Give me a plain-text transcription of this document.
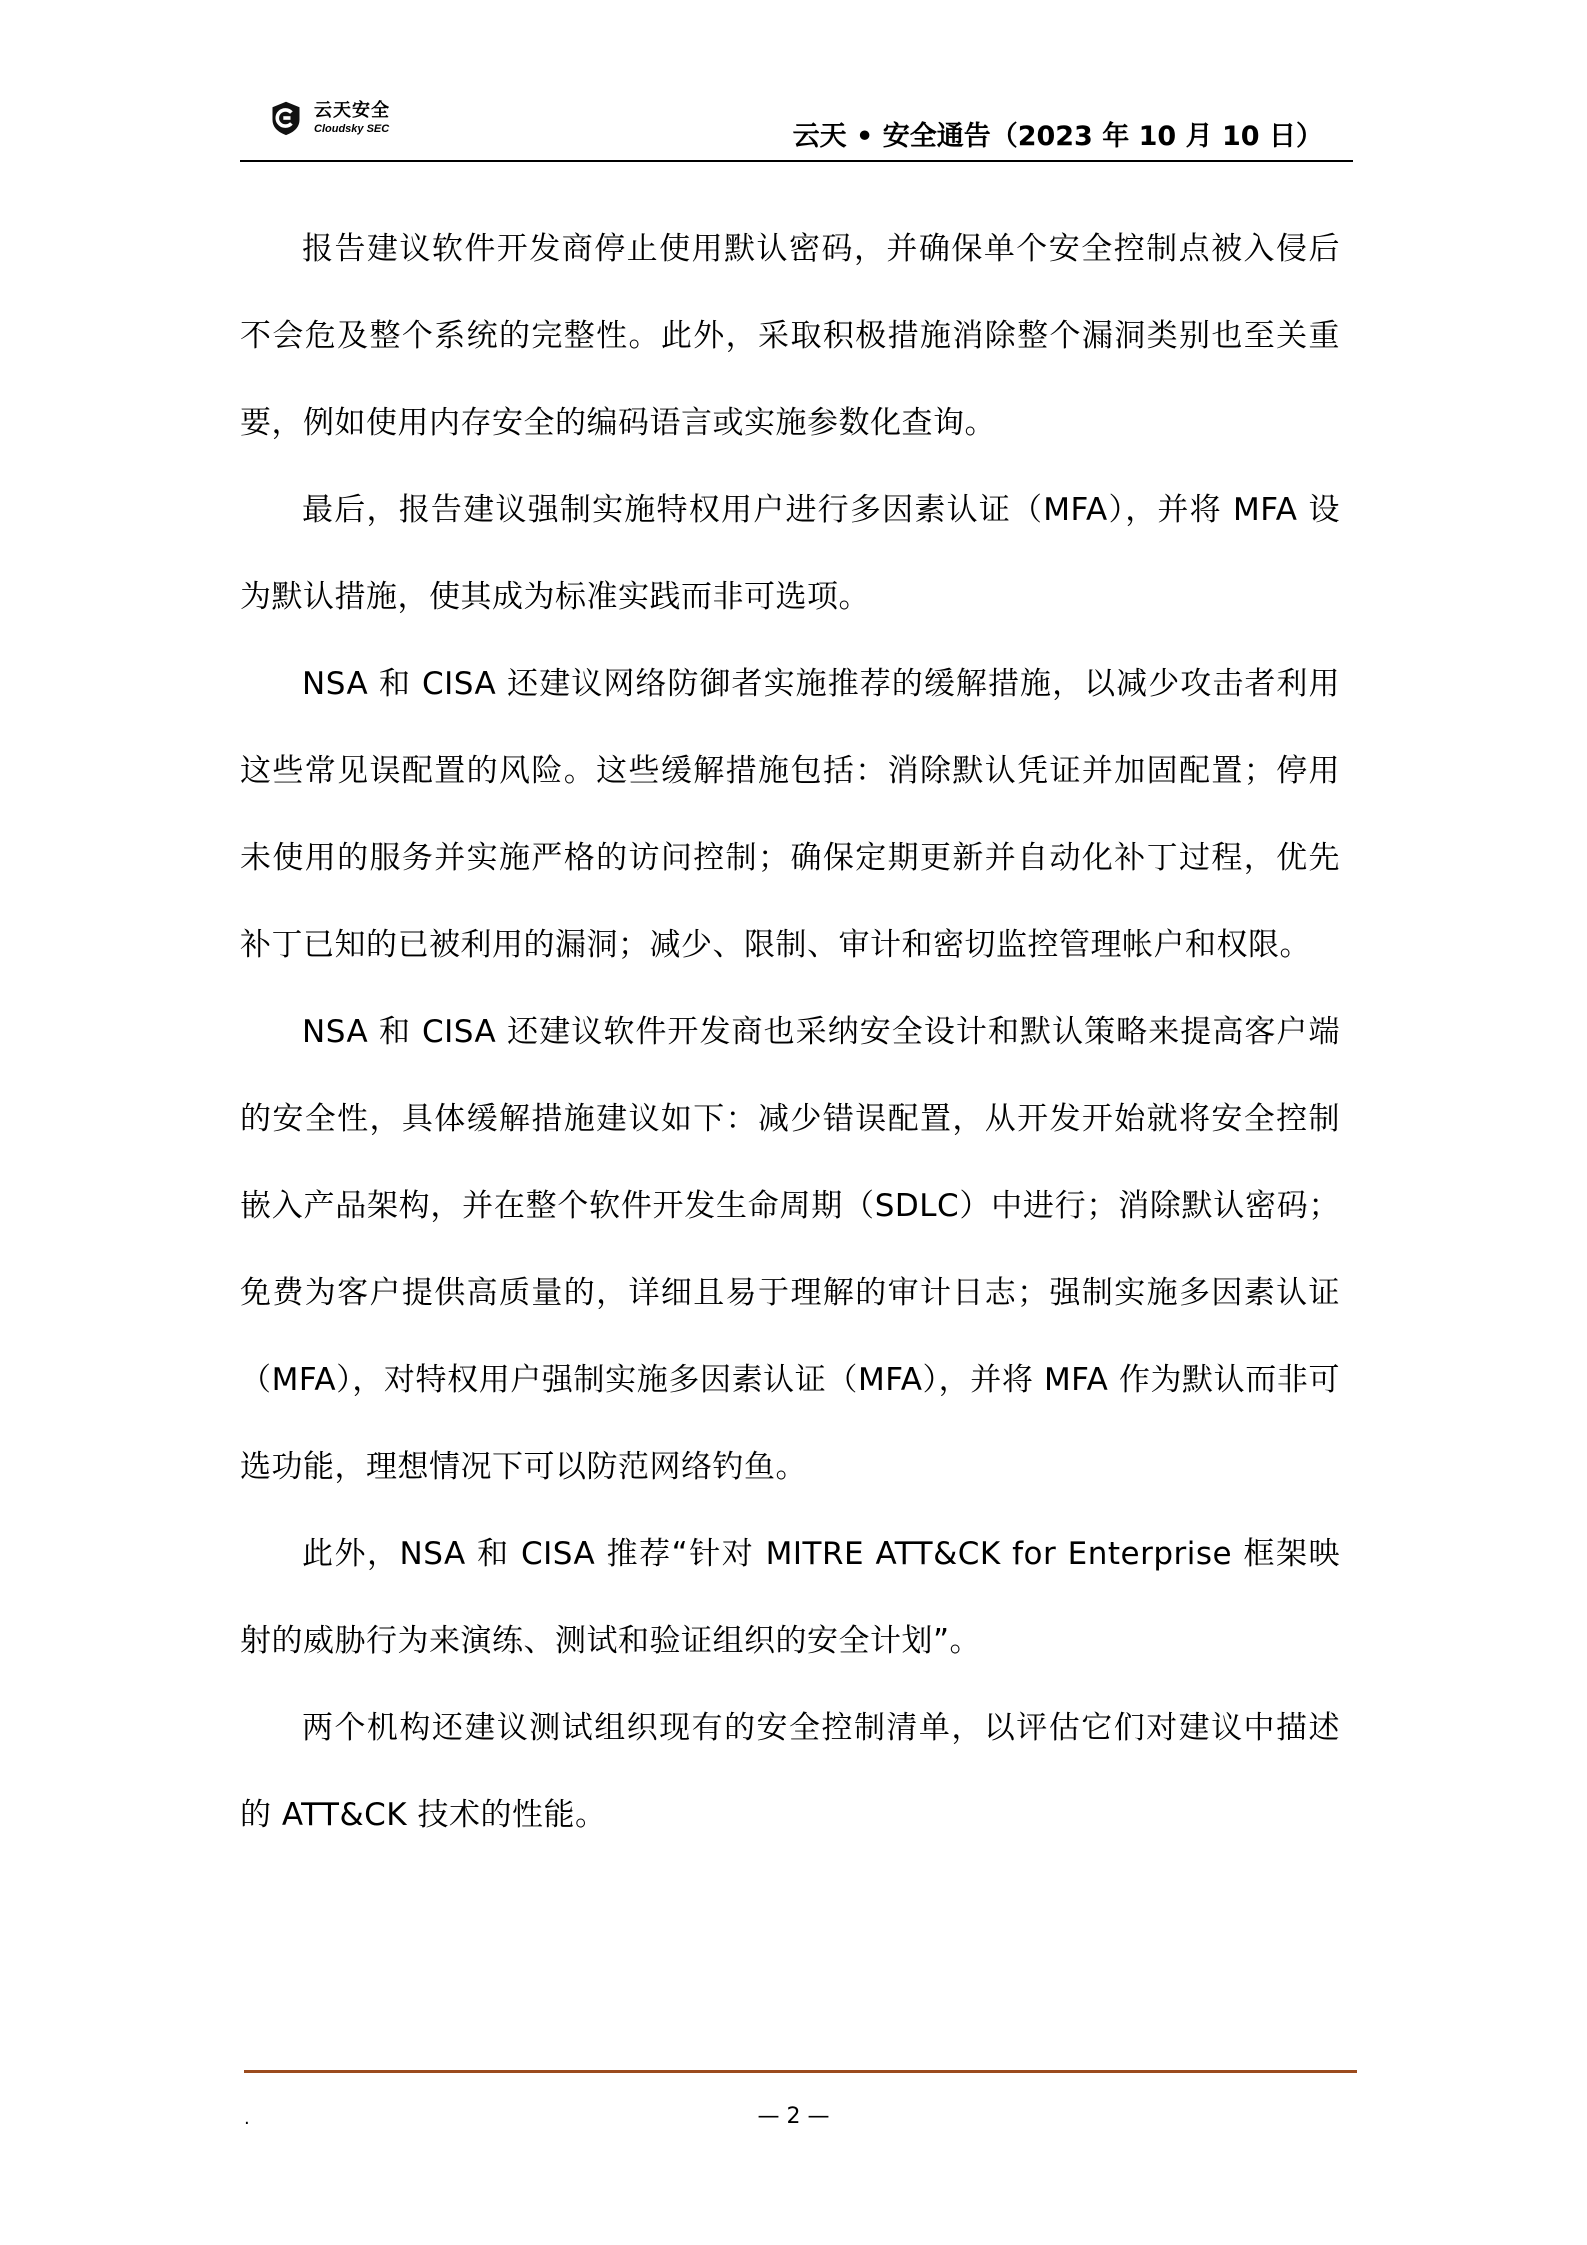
云天安全
Cloudsky SEC	云天 • 安全通告（2023 年 10 月 10 日）

报告建议软件开发商停止使用默认密码，并确保单个安全控制点被入侵后不会危及整个系统的完整性。此外，采取积极措施消除整个漏洞类别也至关重要，例如使用内存安全的编码语言或实施参数化查询。

最后，报告建议强制实施特权用户进行多因素认证（MFA），并将 MFA 设为默认措施，使其成为标准实践而非可选项。

NSA 和 CISA 还建议网络防御者实施推荐的缓解措施，以减少攻击者利用这些常见误配置的风险。这些缓解措施包括：消除默认凭证并加固配置；停用未使用的服务并实施严格的访问控制；确保定期更新并自动化补丁过程，优先补丁已知的已被利用的漏洞；减少、限制、审计和密切监控管理帐户和权限。

NSA 和 CISA 还建议软件开发商也采纳安全设计和默认策略来提高客户端的安全性，具体缓解措施建议如下：减少错误配置，从开发开始就将安全控制嵌入产品架构，并在整个软件开发生命周期（SDLC）中进行；消除默认密码；免费为客户提供高质量的，详细且易于理解的审计日志；强制实施多因素认证（MFA），对特权用户强制实施多因素认证（MFA），并将 MFA 作为默认而非可选功能，理想情况下可以防范网络钓鱼。

此外，NSA 和 CISA 推荐“针对 MITRE ATT&CK for Enterprise 框架映射的威胁行为来演练、测试和验证组织的安全计划”。

两个机构还建议测试组织现有的安全控制清单，以评估它们对建议中描述的 ATT&CK 技术的性能。

.	— 2 —
